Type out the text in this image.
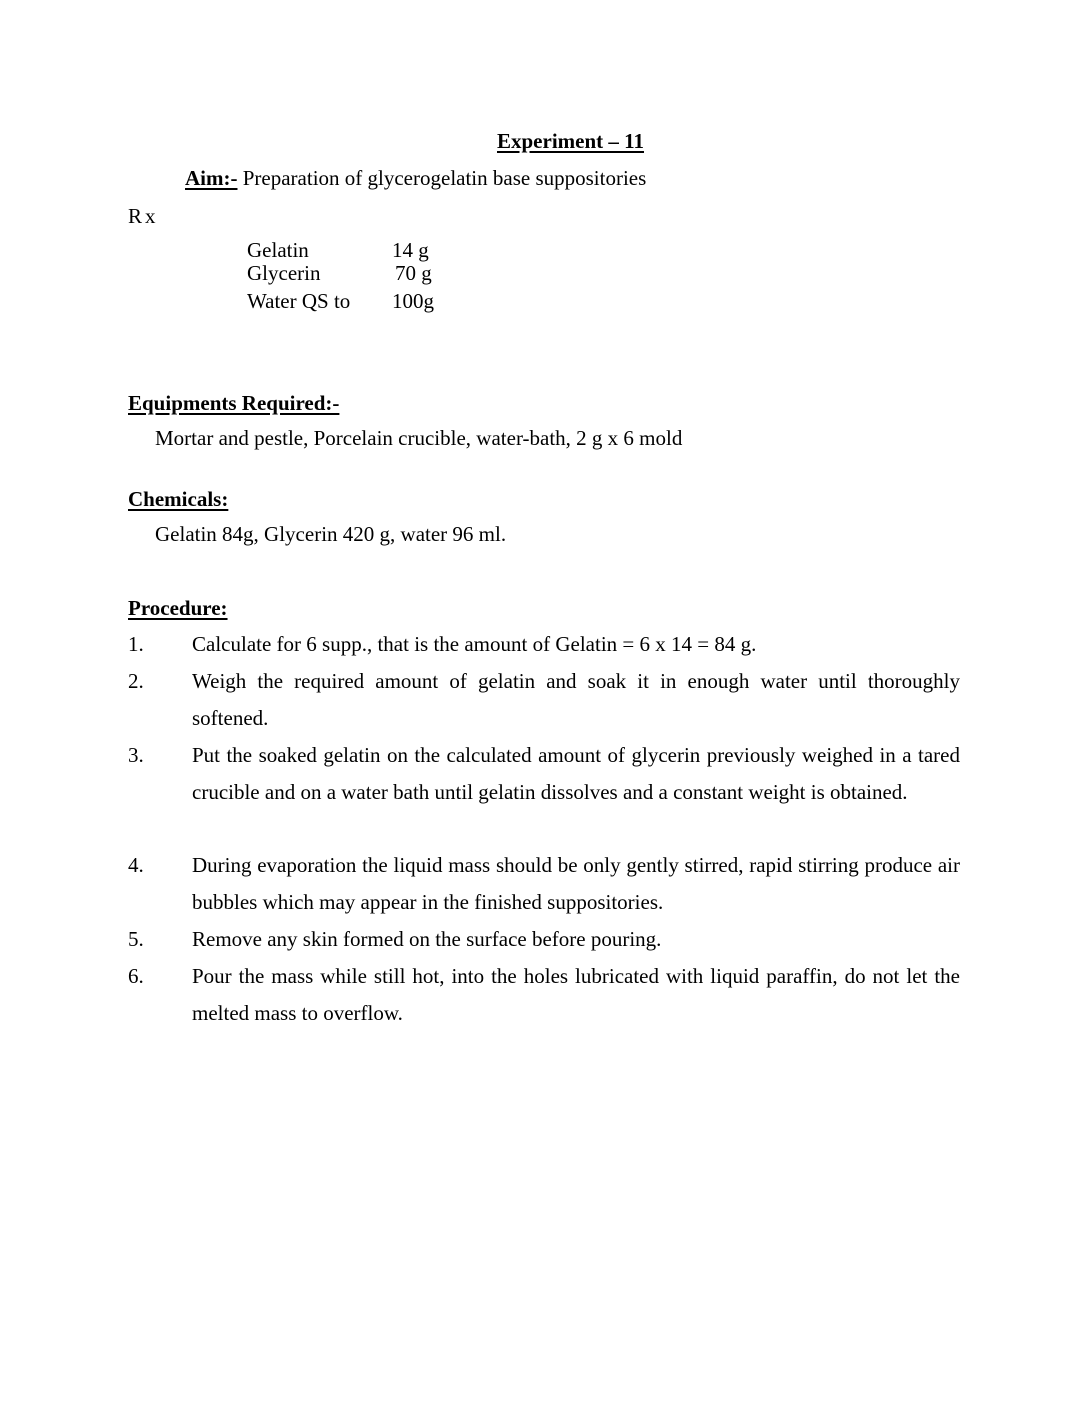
Experiment – 11
Aim:- Preparation of glycerogelatin base suppositories
Rx
Gelatin	14 g
Glycerin	70 g
Water QS to 100g
Equipments Required:-
Mortar and pestle, Porcelain crucible, water-bath, 2 g x 6 mold
Chemicals:
Gelatin 84g, Glycerin 420 g, water 96 ml.
Procedure:
1. Calculate for 6 supp., that is the amount of Gelatin = 6 x 14 = 84 g.
2. Weigh the required amount of gelatin and soak it in enough water until thoroughly softened.
3. Put the soaked gelatin on the calculated amount of glycerin previously weighed in a tared crucible and on a water bath until gelatin dissolves and a constant weight is obtained.
4. During evaporation the liquid mass should be only gently stirred, rapid stirring produce air bubbles which may appear in the finished suppositories.
5. Remove any skin formed on the surface before pouring.
6. Pour the mass while still hot, into the holes lubricated with liquid paraffin, do not let the melted mass to overflow.
